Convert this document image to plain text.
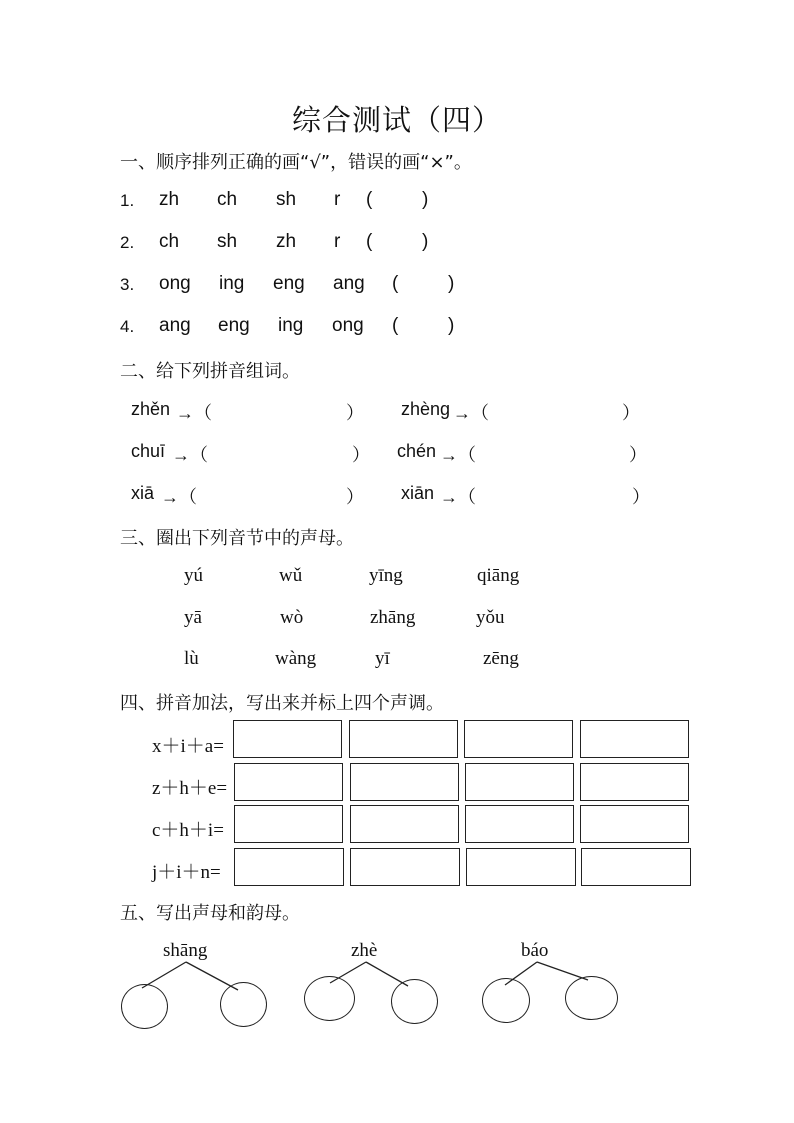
综合测试（四）
一、顺序排列正确的画“√”，错误的画“×”。
1. zh ch sh r (	)
2. ch sh zh r (	)
3. ong ing eng ang (	)
4. ang eng ing ong (	)
二、给下列拼音组词。
zhěn →（	） zhèng →（	）
chuī →（	） chén →（	）
xiā →（	） xiān →（	）
三、圈出下列音节中的声母。
yú	wǔ	yīng	qiāng
yā	wò	zhāng	yǒu
lù	wàng	yī	zēng
四、拼音加法，写出来并标上四个声调。
x＋i＋a=
z＋h＋e=
c＋h＋i=
j＋i＋n=
五、写出声母和韵母。
shāng	zhè	báo
